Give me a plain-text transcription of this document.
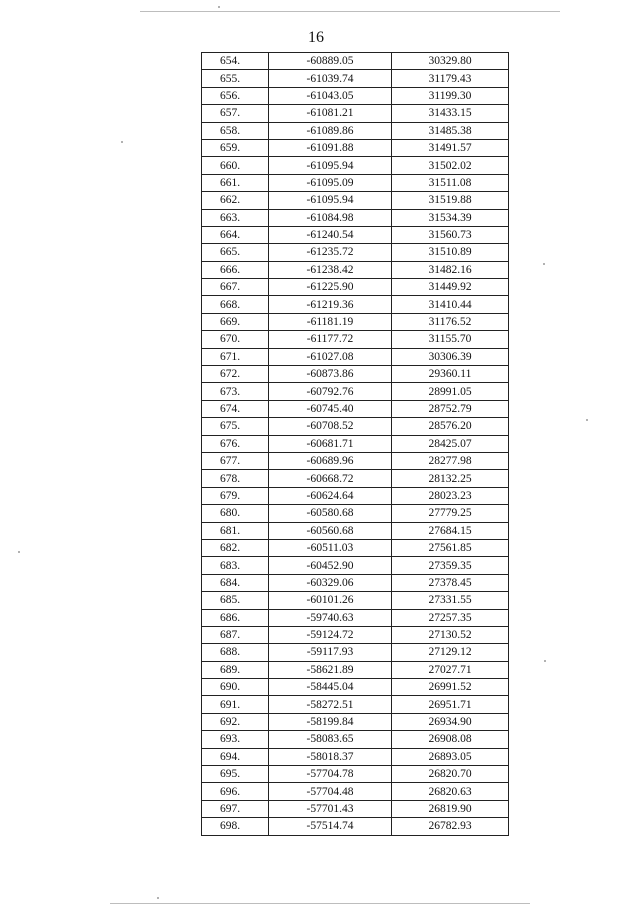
16
654.	-60889.05	30329.80
655.	-61039.74	31179.43
656.	-61043.05	31199.30
657.	-61081.21	31433.15
658.	-61089.86	31485.38
659.	-61091.88	31491.57
660.	-61095.94	31502.02
661.	-61095.09	31511.08
662.	-61095.94	31519.88
663.	-61084.98	31534.39
664.	-61240.54	31560.73
665.	-61235.72	31510.89
666.	-61238.42	31482.16
667.	-61225.90	31449.92
668.	-61219.36	31410.44
669.	-61181.19	31176.52
670.	-61177.72	31155.70
671.	-61027.08	30306.39
672.	-60873.86	29360.11
673.	-60792.76	28991.05
674.	-60745.40	28752.79
675.	-60708.52	28576.20
676.	-60681.71	28425.07
677.	-60689.96	28277.98
678.	-60668.72	28132.25
679.	-60624.64	28023.23
680.	-60580.68	27779.25
681.	-60560.68	27684.15
682.	-60511.03	27561.85
683.	-60452.90	27359.35
684.	-60329.06	27378.45
685.	-60101.26	27331.55
686.	-59740.63	27257.35
687.	-59124.72	27130.52
688.	-59117.93	27129.12
689.	-58621.89	27027.71
690.	-58445.04	26991.52
691.	-58272.51	26951.71
692.	-58199.84	26934.90
693.	-58083.65	26908.08
694.	-58018.37	26893.05
695.	-57704.78	26820.70
696.	-57704.48	26820.63
697.	-57701.43	26819.90
698.	-57514.74	26782.93
